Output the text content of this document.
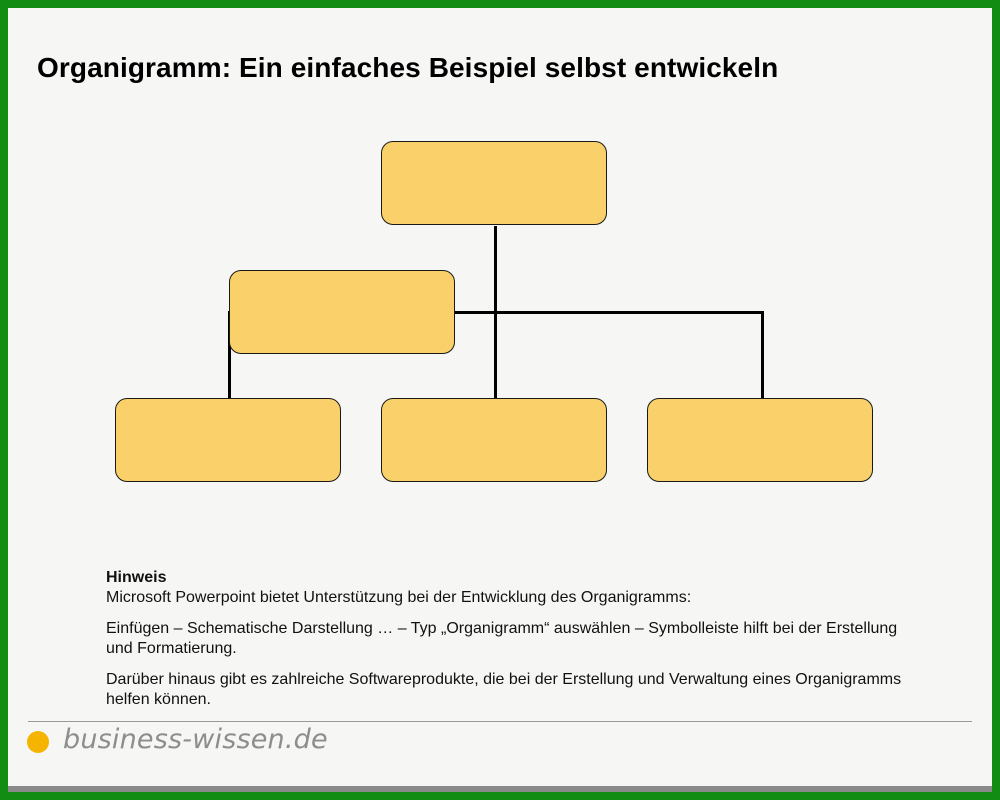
Organigramm: Ein einfaches Beispiel selbst entwickeln
Hinweis

Microsoft Powerpoint bietet Unterstützung bei der Entwicklung des Organigramms:

Einfügen – Schematische Darstellung … – Typ „Organigramm“ auswählen – Symbolleiste hilft bei der Erstellung und Formatierung.

Darüber hinaus gibt es zahlreiche Softwareprodukte, die bei der Erstellung und Verwaltung eines Organigramms helfen können.

business-wissen.de
